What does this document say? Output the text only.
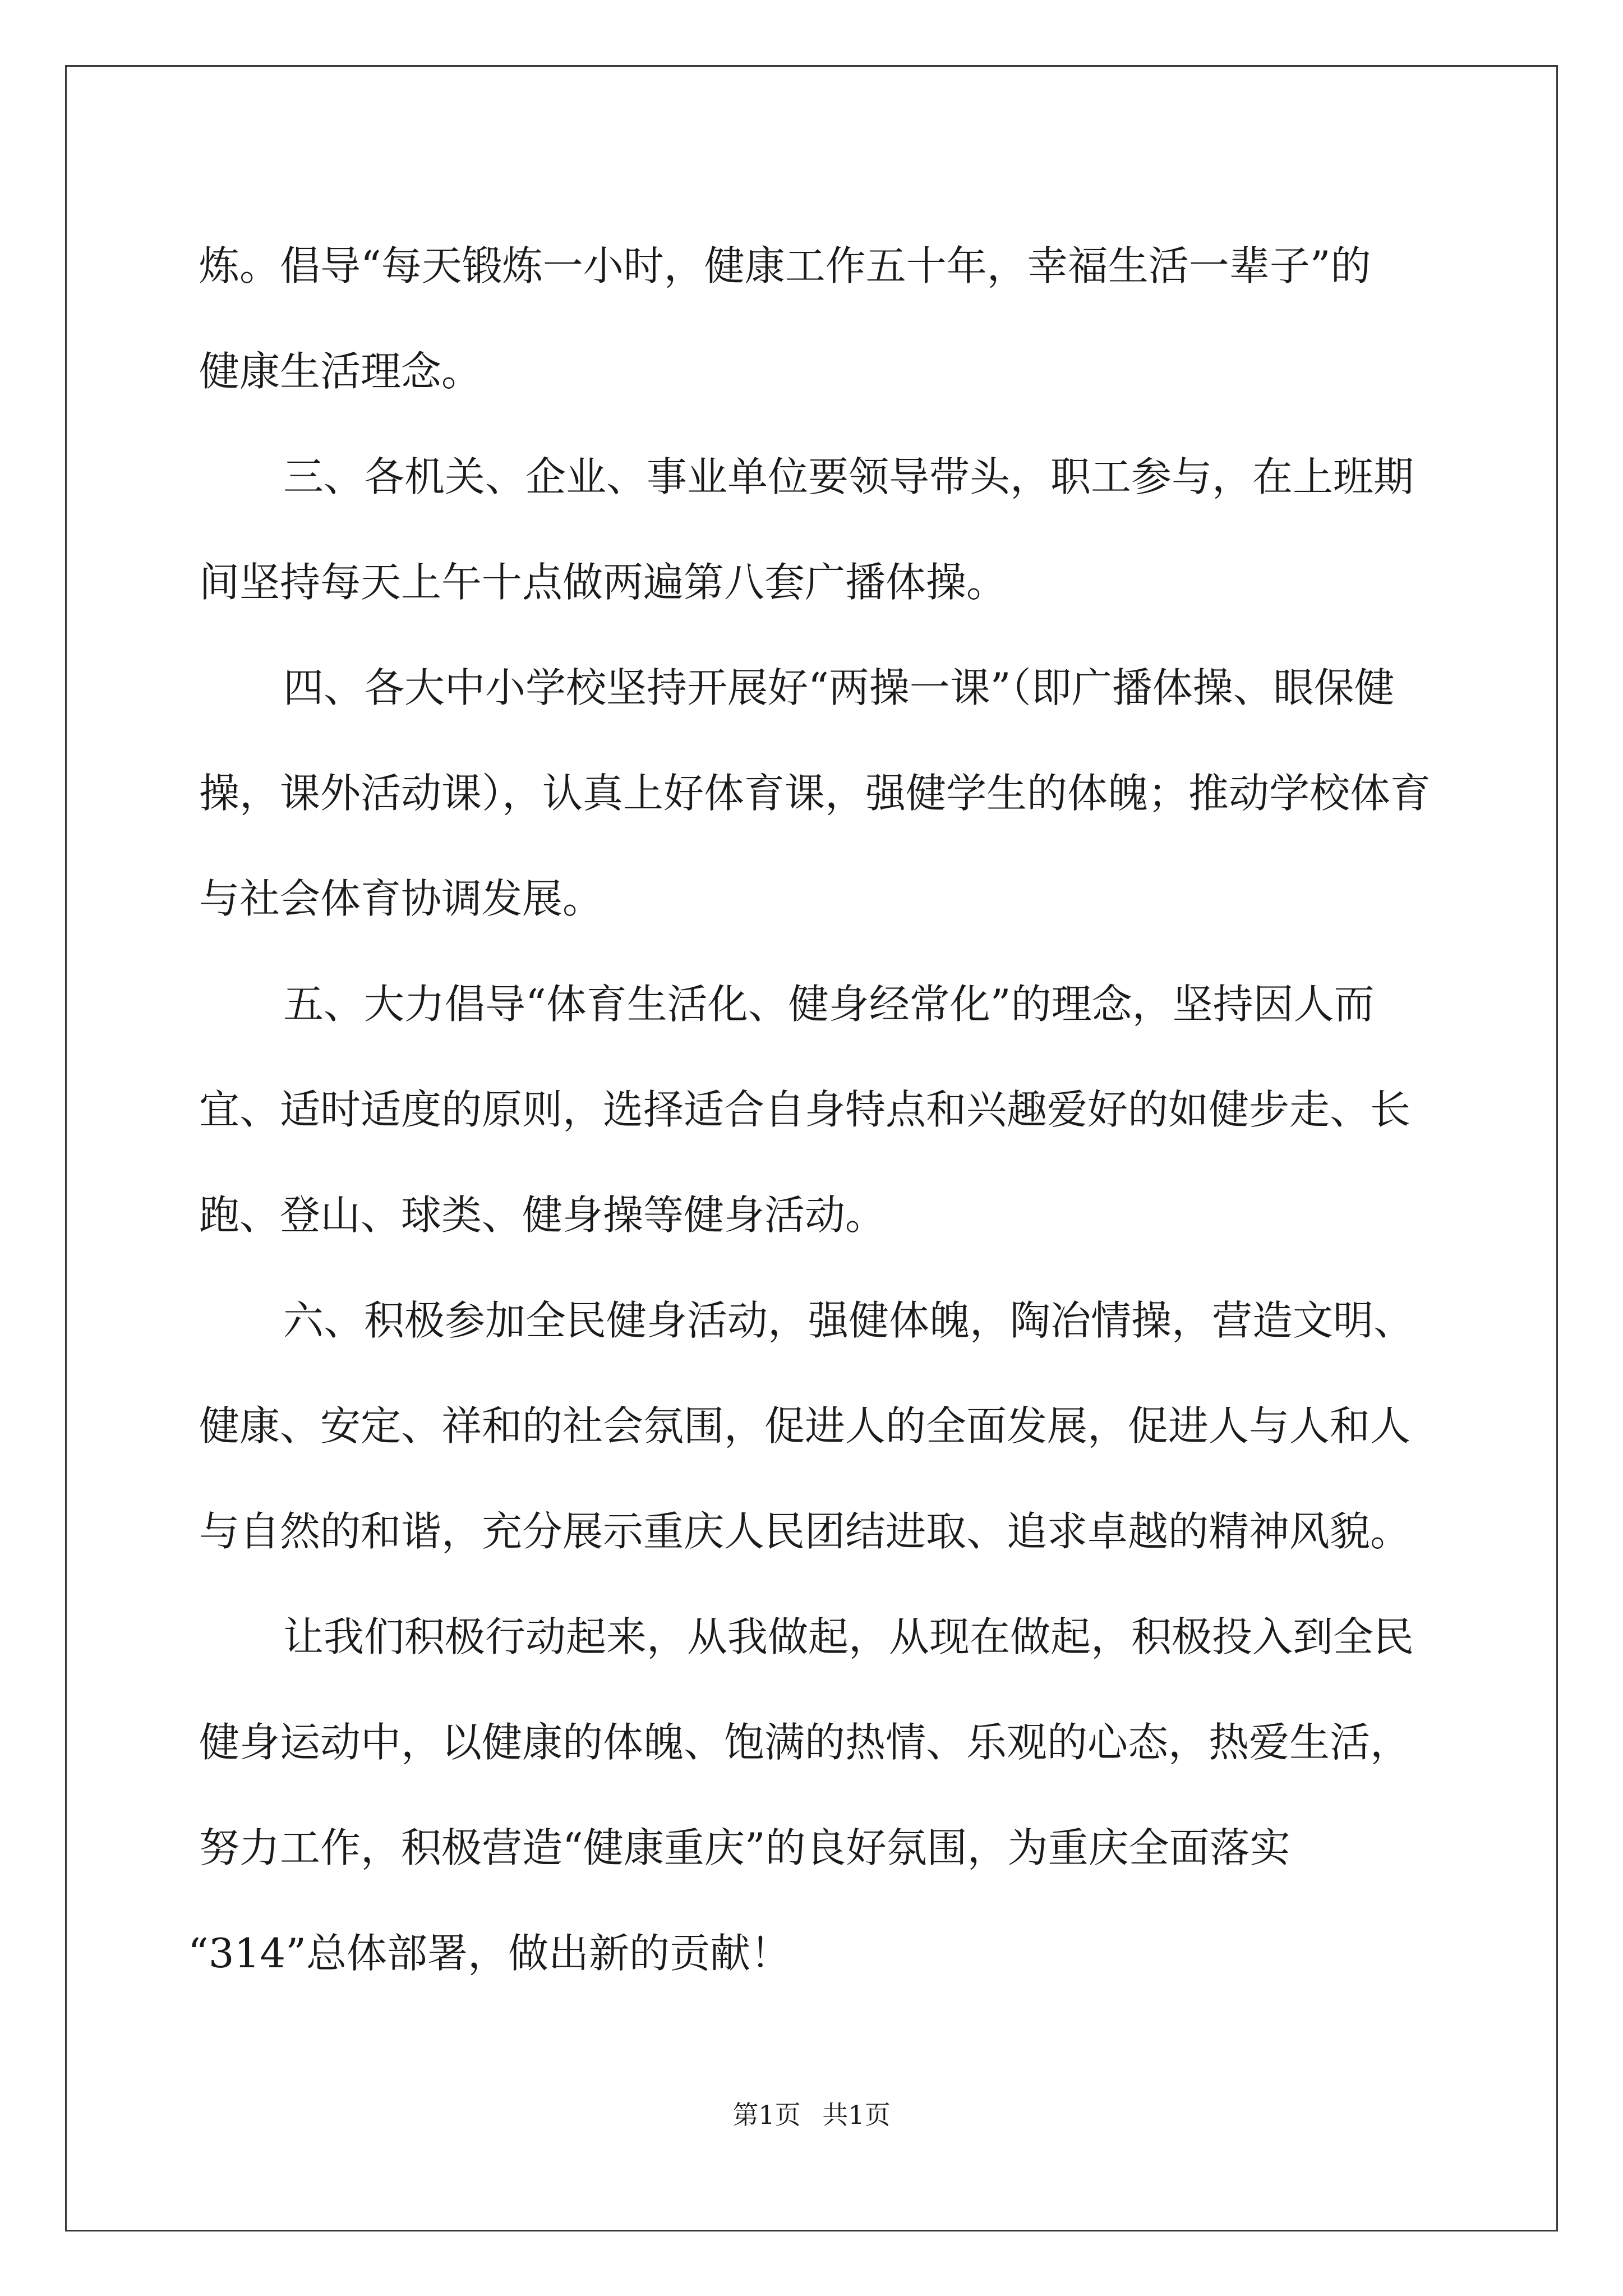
炼。倡导“每天锻炼一小时，健康工作五十年，幸福生活一辈子”的
健康生活理念。
三、各机关、企业、事业单位要领导带头，职工参与，在上班期
间坚持每天上午十点做两遍第八套广播体操。
四、各大中小学校坚持开展好“两操一课”（即广播体操、眼保健
操，课外活动课），认真上好体育课，强健学生的体魄；推动学校体育
与社会体育协调发展。
五、大力倡导“体育生活化、健身经常化”的理念，坚持因人而
宜、适时适度的原则，选择适合自身特点和兴趣爱好的如健步走、长
跑、登山、球类、健身操等健身活动。
六、积极参加全民健身活动，强健体魄，陶冶情操，营造文明、
健康、安定、祥和的社会氛围，促进人的全面发展，促进人与人和人
与自然的和谐，充分展示重庆人民团结进取、追求卓越的精神风貌。
让我们积极行动起来，从我做起，从现在做起，积极投入到全民
健身运动中，以健康的体魄、饱满的热情、乐观的心态，热爱生活，
努力工作，积极营造“健康重庆”的良好氛围，为重庆全面落实
“314”总体部署，做出新的贡献！
第1页 共1页
